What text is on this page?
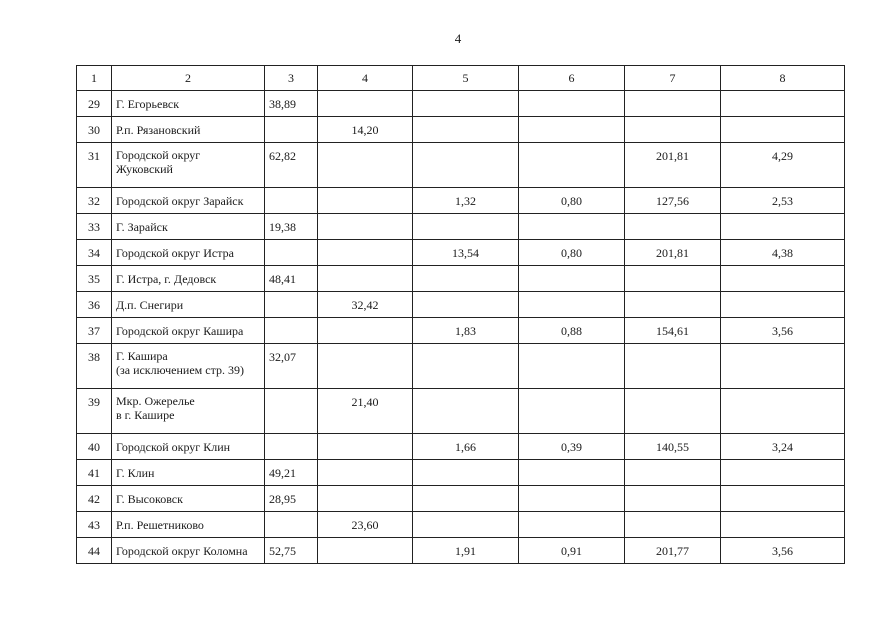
4
1	2	3	4	5	6	7	8

29	Г. Егорьевск	38,89					

30	Р.п. Рязановский		14,20				

31	Городской округ
Жуковский	62,82				201,81	4,29

32	Городской округ Зарайск			1,32	0,80	127,56	2,53

33	Г. Зарайск	19,38					

34	Городской округ Истра			13,54	0,80	201,81	4,38

35	Г. Истра, г. Дедовск	48,41					

36	Д.п. Снегири		32,42				

37	Городской округ Кашира			1,83	0,88	154,61	3,56

38	Г. Кашира
(за исключением стр. 39)	32,07					

39	Мкр. Ожерелье
в г. Кашире		21,40				

40	Городской округ Клин			1,66	0,39	140,55	3,24

41	Г. Клин	49,21					

42	Г. Высоковск	28,95					

43	Р.п. Решетниково		23,60				

44	Городской округ Коломна	52,75		1,91	0,91	201,77	3,56
